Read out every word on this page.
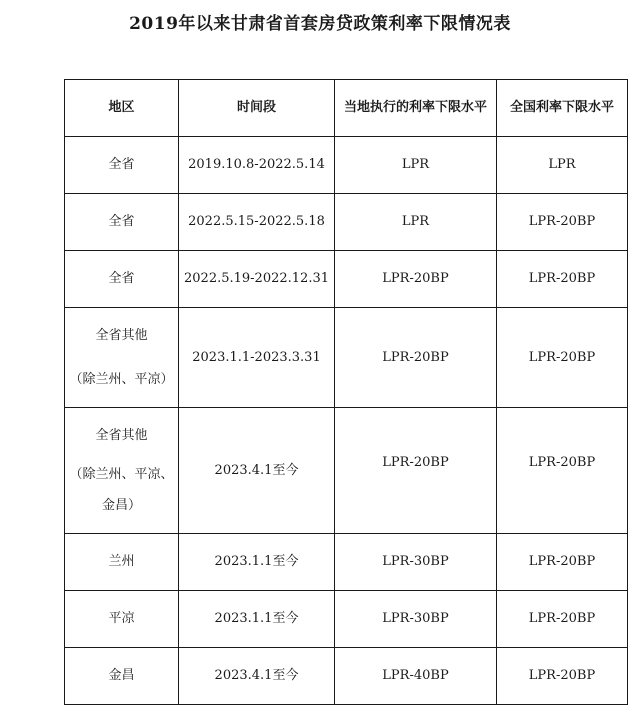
2019年以来甘肃省首套房贷政策利率下限情况表
地区	时间段	当地执行的利率下限水平	全国利率下限水平

全省	2019.10.8-2022.5.14	LPR	LPR

全省	2022.5.15-2022.5.18	LPR	LPR-20BP

全省	2022.5.19-2022.12.31	LPR-20BP	LPR-20BP

全省其他
（除兰州、平凉）	2023.1.1-2023.3.31	LPR-20BP	LPR-20BP

全省其他
（除兰州、平凉、
金昌）	2023.4.1至今	LPR-20BP	LPR-20BP

兰州	2023.1.1至今	LPR-30BP	LPR-20BP

平凉	2023.1.1至今	LPR-30BP	LPR-20BP

金昌	2023.4.1至今	LPR-40BP	LPR-20BP
